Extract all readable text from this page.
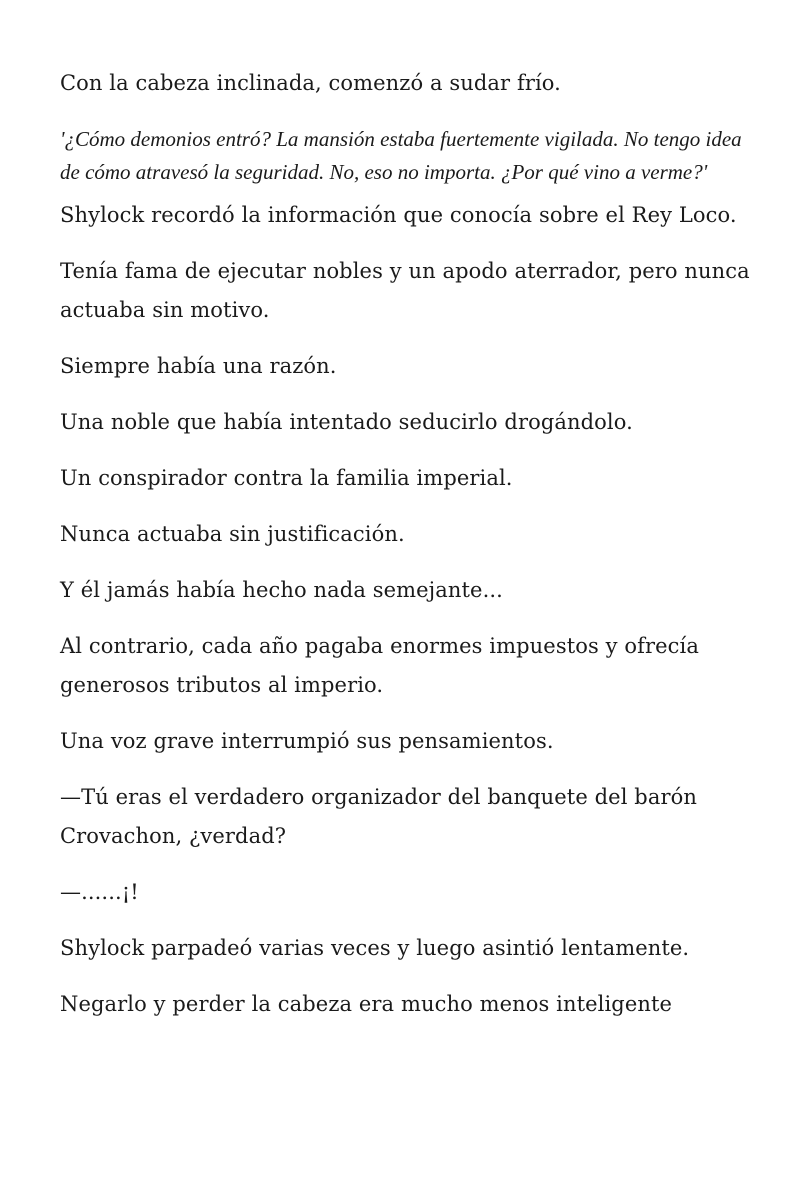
Con la cabeza inclinada, comenzó a sudar frío.

'¿Cómo demonios entró? La mansión estaba fuertemente vigilada. No tengo idea de cómo atravesó la seguridad. No, eso no importa. ¿Por qué vino a verme?'

Shylock recordó la información que conocía sobre el Rey Loco.

Tenía fama de ejecutar nobles y un apodo aterrador, pero nunca actuaba sin motivo.

Siempre había una razón.

Una noble que había intentado seducirlo drogándolo.

Un conspirador contra la familia imperial.

Nunca actuaba sin justificación.

Y él jamás había hecho nada semejante...

Al contrario, cada año pagaba enormes impuestos y ofrecía generosos tributos al imperio.

Una voz grave interrumpió sus pensamientos.

—Tú eras el verdadero organizador del banquete del barón Crovachon, ¿verdad?

—......¡!

Shylock parpadeó varias veces y luego asintió lentamente.

Negarlo y perder la cabeza era mucho menos inteligente
